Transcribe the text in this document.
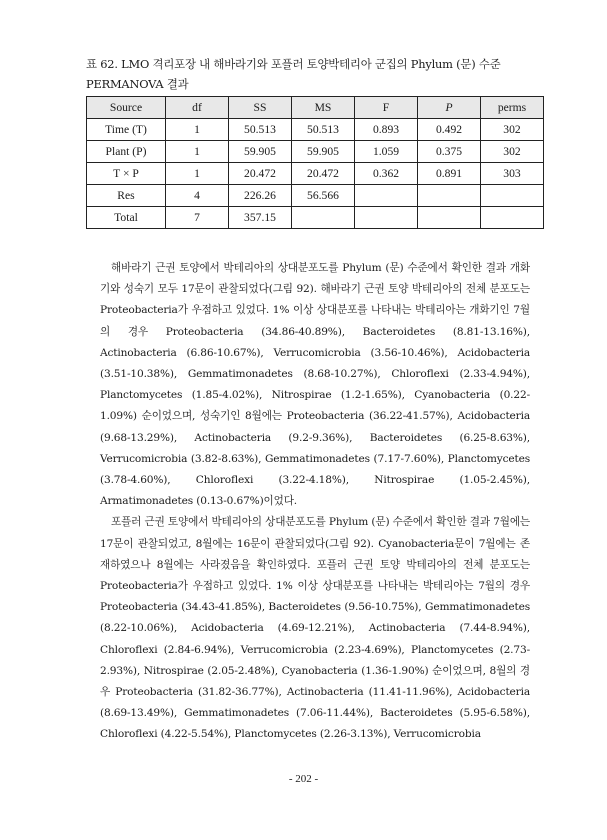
표 62. LMO 격리포장 내 해바라기와 포플러 토양박테리아 군집의 Phylum (문) 수준 PERMANOVA 결과
Source	df	SS	MS	F	P	perms
Time (T)	1	50.513	50.513	0.893	0.492	302
Plant (P)	1	59.905	59.905	1.059	0.375	302
T × P	1	20.472	20.472	0.362	0.891	303
Res	4	226.26	56.566			
Total	7	357.15				

해바라기 근권 토양에서 박테리아의 상대분포도를 Phylum (문) 수준에서 확인한 결과 개화기와 성숙기 모두 17문이 관찰되었다(그림 92). 해바라기 근권 토양 박테리아의 전체 분포도는 Proteobacteria가 우점하고 있었다. 1% 이상 상대분포를 나타내는 박테리아는 개화기인 7월의 경우 Proteobacteria (34.86-40.89%), Bacteroidetes (8.81-13.16%), Actinobacteria (6.86-10.67%), Verrucomicrobia (3.56-10.46%), Acidobacteria (3.51-10.38%), Gemmatimonadetes (8.68-10.27%), Chloroflexi (2.33-4.94%), Planctomycetes (1.85-4.02%), Nitrospirae (1.2-1.65%), Cyanobacteria (0.22-1.09%) 순이었으며, 성숙기인 8월에는 Proteobacteria (36.22-41.57%), Acidobacteria (9.68-13.29%), Actinobacteria (9.2-9.36%), Bacteroidetes (6.25-8.63%), Verrucomicrobia (3.82-8.63%), Gemmatimonadetes (7.17-7.60%), Planctomycetes (3.78-4.60%), Chloroflexi (3.22-4.18%), Nitrospirae (1.05-2.45%), Armatimonadetes (0.13-0.67%)이었다.

포플러 근권 토양에서 박테리아의 상대분포도를 Phylum (문) 수준에서 확인한 결과 7월에는 17문이 관찰되었고, 8월에는 16문이 관찰되었다(그림 92). Cyanobacteria문이 7월에는 존재하였으나 8월에는 사라졌음을 확인하였다. 포플러 근권 토양 박테리아의 전체 분포도는 Proteobacteria가 우점하고 있었다. 1% 이상 상대분포를 나타내는 박테리아는 7월의 경우 Proteobacteria (34.43-41.85%), Bacteroidetes (9.56-10.75%), Gemmatimonadetes (8.22-10.06%), Acidobacteria (4.69-12.21%), Actinobacteria (7.44-8.94%), Chloroflexi (2.84-6.94%), Verrucomicrobia (2.23-4.69%), Planctomycetes (2.73-2.93%), Nitrospirae (2.05-2.48%), Cyanobacteria (1.36-1.90%) 순이었으며, 8월의 경우 Proteobacteria (31.82-36.77%), Actinobacteria (11.41-11.96%), Acidobacteria (8.69-13.49%), Gemmatimonadetes (7.06-11.44%), Bacteroidetes (5.95-6.58%), Chloroflexi (4.22-5.54%), Planctomycetes (2.26-3.13%), Verrucomicrobia

- 202 -
